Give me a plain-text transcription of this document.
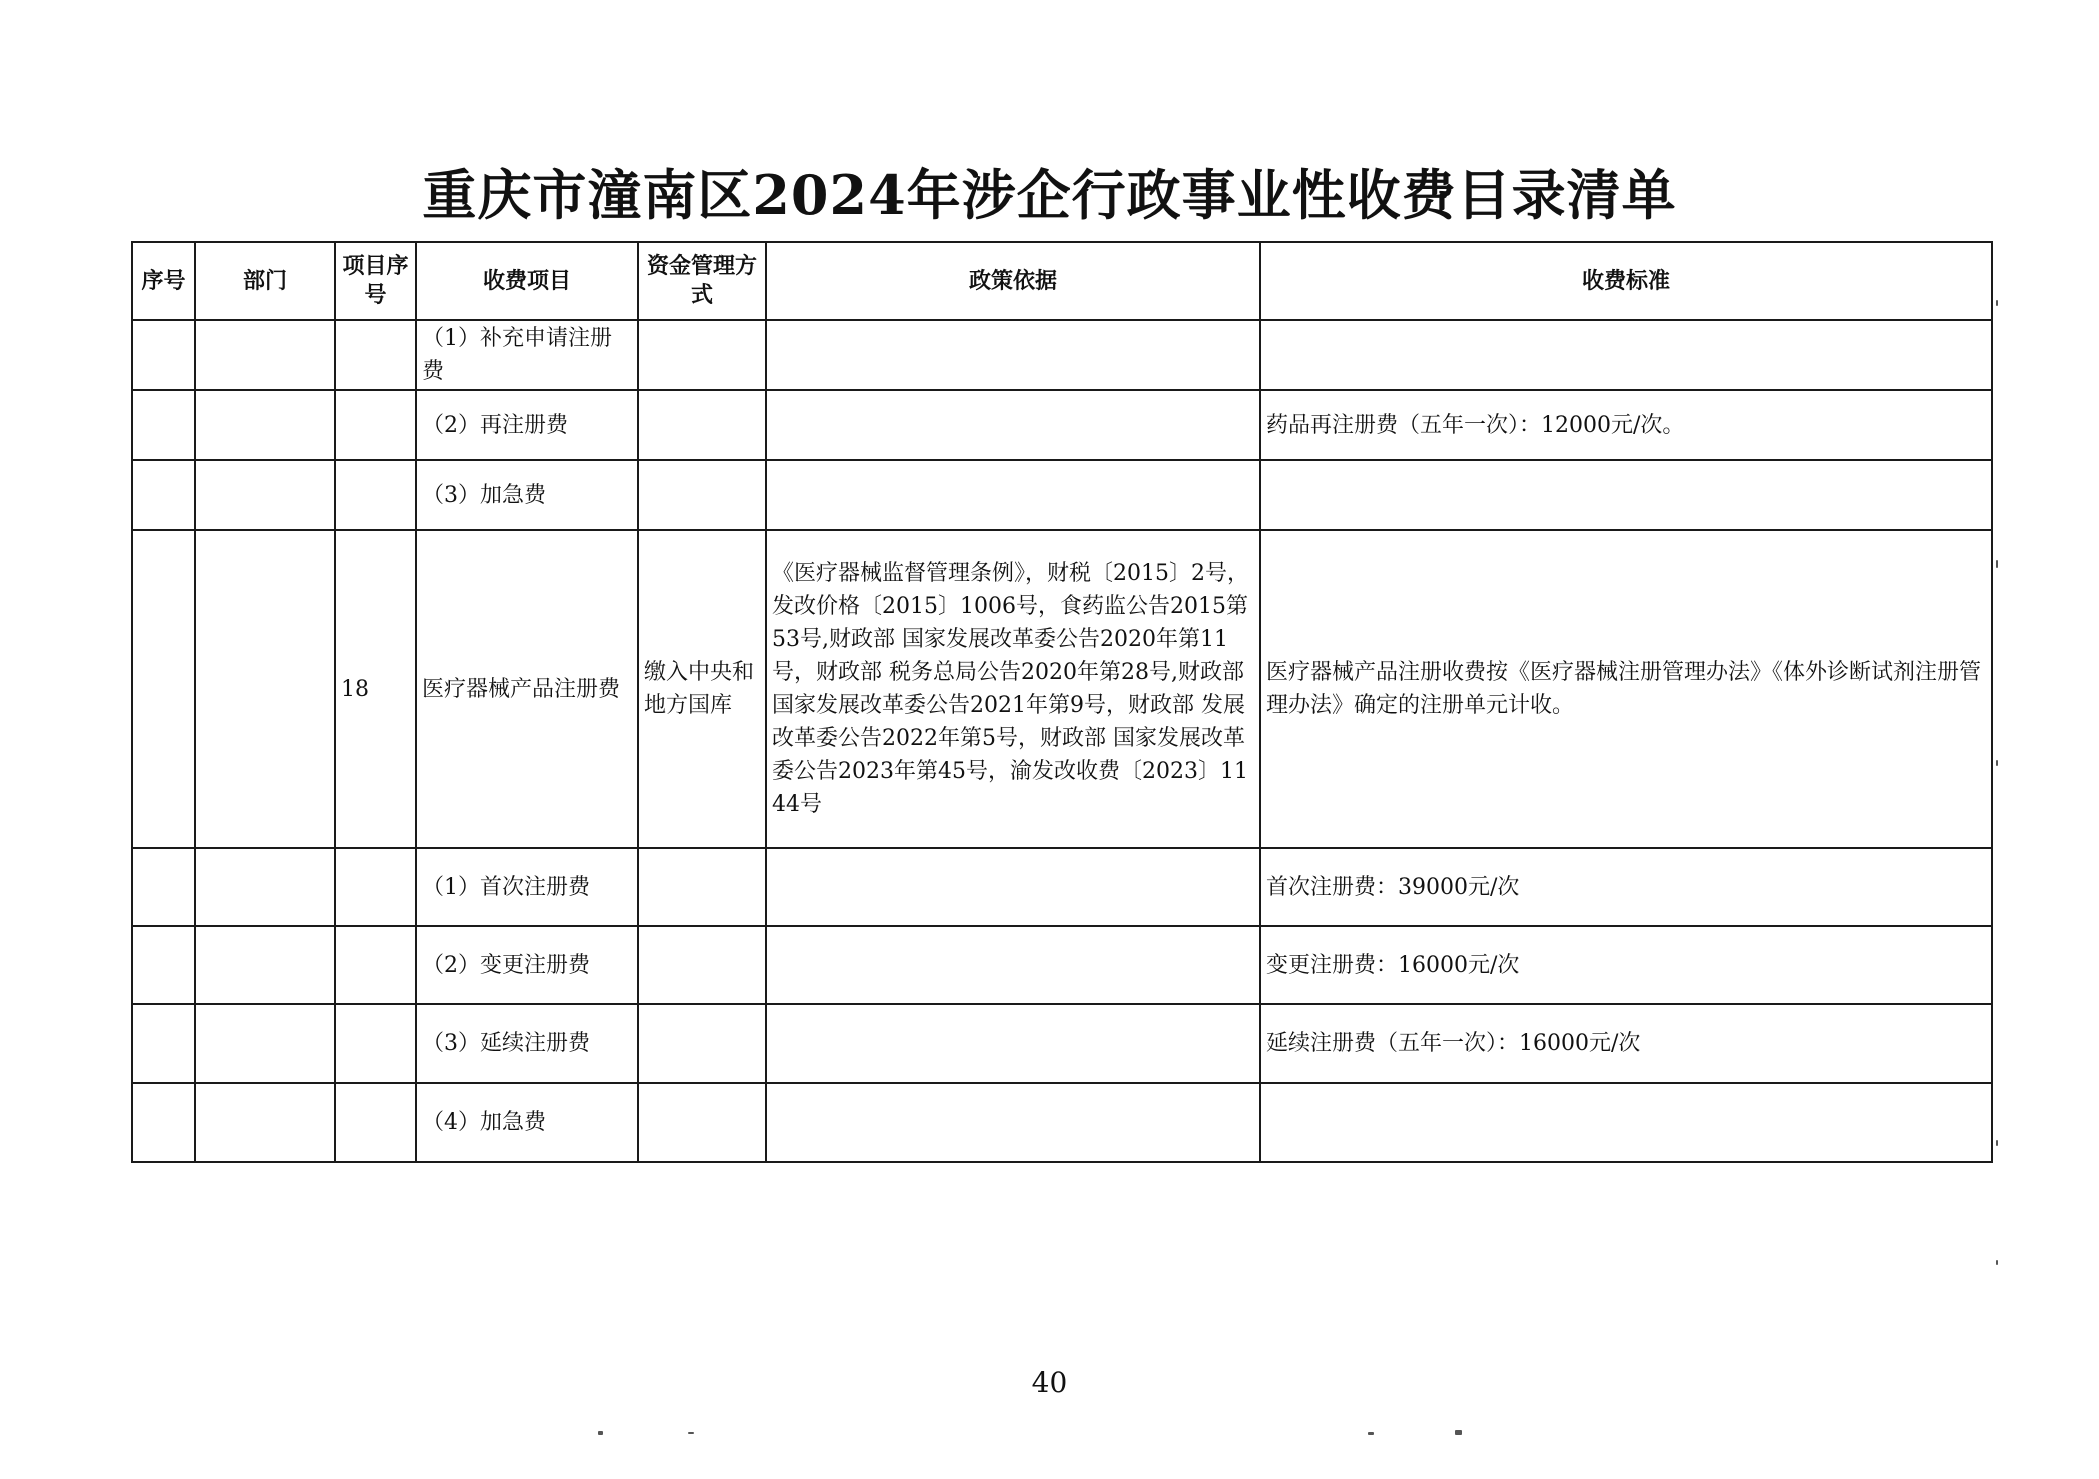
重庆市潼南区2024年涉企行政事业性收费目录清单
序号	部门	项目序号	收费项目	资金管理方式	政策依据	收费标准
			（1）补充申请注册费			
			（2）再注册费			药品再注册费（五年一次）：12000元/次。
			（3）加急费			
		18	医疗器械产品注册费	缴入中央和地方国库	《医疗器械监督管理条例》，财税〔2015〕2号，发改价格〔2015〕1006号，食药监公告2015第53号,财政部 国家发展改革委公告2020年第11号，财政部 税务总局公告2020年第28号,财政部 国家发展改革委公告2021年第9号，财政部 发展改革委公告2022年第5号，财政部 国家发展改革委公告2023年第45号，渝发改收费〔2023〕1144号	医疗器械产品注册收费按《医疗器械注册管理办法》《体外诊断试剂注册管理办法》确定的注册单元计收。
			（1）首次注册费			首次注册费：39000元/次
			（2）变更注册费			变更注册费：16000元/次
			（3）延续注册费			延续注册费（五年一次）：16000元/次
			（4）加急费			
40
